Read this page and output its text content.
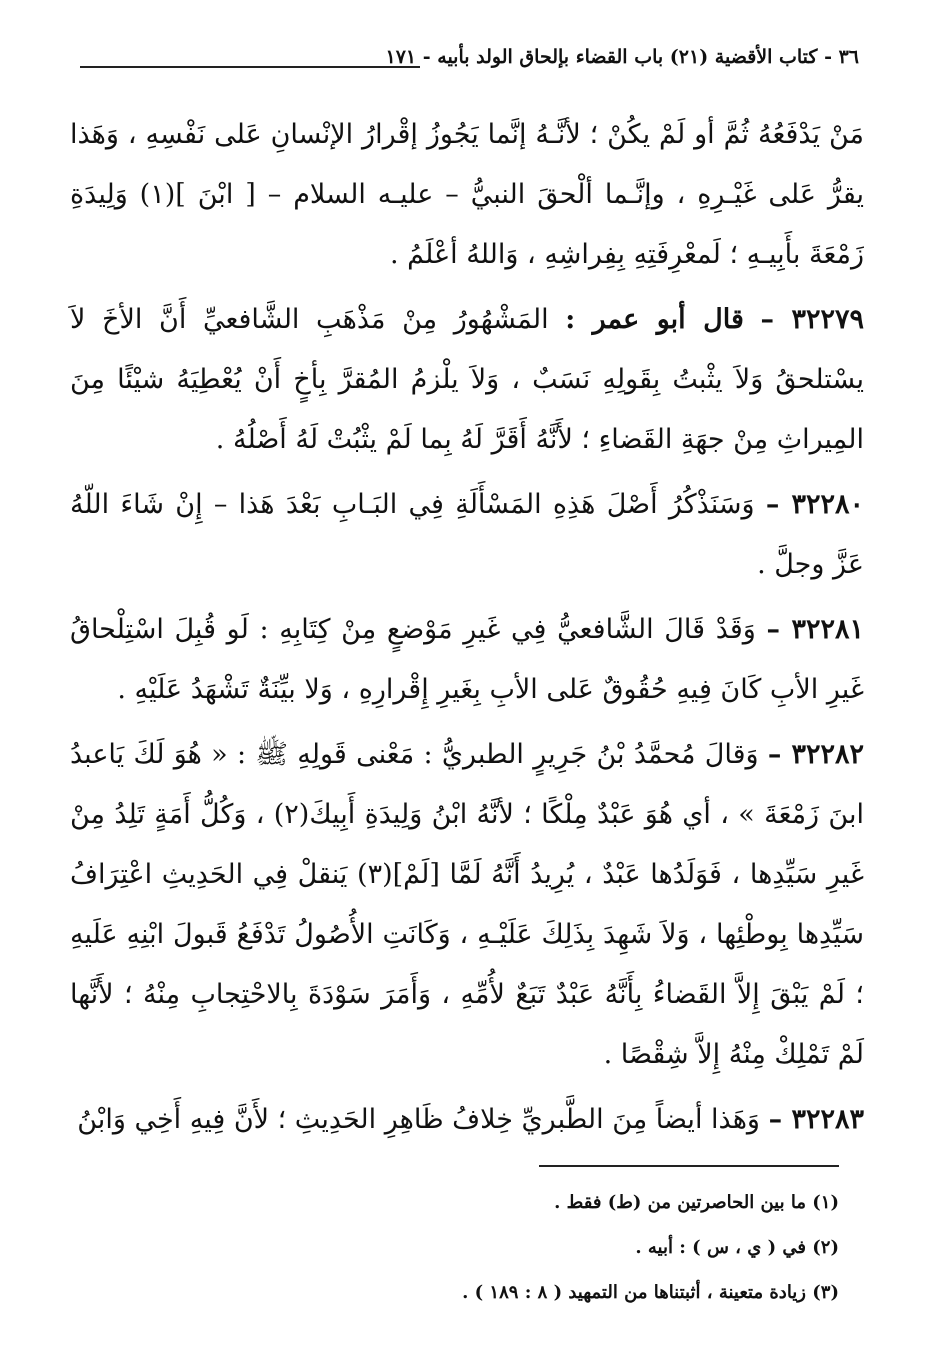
٣٦ - كتاب الأقضية (٢١) باب القضاء بإلحاق الولد بأبيه - ١٧١

مَنْ يَدْفَعُهُ ثُمَّ أو لَمْ يكُنْ ؛ لأنَّـهُ إنَّما يَجُوزُ إقْرارُ الإنْسانِ عَلى نَفْسِهِ ، وَهَذا يقرُّ عَلى غَيْـرِهِ ، وإنَّـما ألْحقَ النبيُّ – عليـه السلام – [ ابْنَ ](١) وَلِيدَةِ زَمْعَةَ بأَبِيـهِ ؛ لَمعْرِفَتِهِ بِفِراشِهِ ، وَاللهُ أعْلَمُ .

٣٢٢٧٩ – قال أبو عمر : المَشْهُورُ مِنْ مَذْهَبِ الشَّافعيِّ أَنَّ الأخَ لاَ يسْتلحقُ وَلاَ يثْبتُ بِقَولِهِ نَسَبٌ ، وَلاَ يلْزمُ المُقرَّ بِأخٍ أَنْ يُعْطِيَهُ شيْئًا مِنَ المِيراثِ مِنْ جهَةِ القَضاءِ ؛ لأَنَّهُ أَقَرَّ لَهُ بِما لَمْ يثْبُتْ لَهُ أَصْلُهُ .

٣٢٢٨٠ – وَسَنَذْكُرُ أَصْلَ هَذِهِ المَسْأَلَةِ فِي البَـابِ بَعْدَ هَذا – إِنْ شَاءَ اللّهُ عَزَّ وجلَّ .

٣٢٢٨١ – وَقَدْ قَالَ الشَّافعيُّ فِي غَيرِ مَوْضعٍ مِنْ كِتَابِهِ : لَو قُبِلَ اسْتِلْحاقُ غَيرِ الأبِ كَانَ فِيهِ حُقُوقٌ عَلى الأبِ بِغَيرِ إِقْرارِهِ ، وَلا بيِّنَةٌ تَشْهَدُ عَلَيْهِ .

٣٢٢٨٢ – وَقالَ مُحمَّدُ بْنُ جَرِيرٍ الطبريُّ : مَعْنى قَولِهِ ﷺ : « هُوَ لَكَ يَاعبدُ ابنَ زَمْعَةَ » ، أي هُوَ عَبْدٌ مِلْكًا ؛ لأنَّهُ ابْنُ وَلِيدَةِ أَبِيكَ(٢) ، وَكُلُّ أَمَةٍ تَلِدُ مِنْ غَيرِ سَيِّدِها ، فَوَلَدُها عَبْدٌ ، يُرِيدُ أَنَّهُ لَمَّا [لَمْ](٣) يَنقلْ فِي الحَدِيثِ اعْتِرَافُ سَيِّدِها بِوطْئِها ، وَلاَ شَهِدَ بِذَلِكَ عَلَيْـهِ ، وَكَانَتِ الأُصُولُ تَدْفَعُ قَبولَ ابْنِهِ عَلَيهِ ؛ لَمْ يَبْقَ إِلاَّ القَضاءُ بِأَنَّهُ عَبْدٌ تَبَعٌ لأُمِّهِ ، وَأَمَرَ سَوْدَةَ بِالاحْتِجابِ مِنْهُ ؛ لأَنَّها لَمْ تَمْلِكْ مِنْهُ إِلاَّ شِقْصًا .

٣٢٢٨٣ – وَهَذا أيضاً مِنَ الطَّبريِّ خِلافُ ظَاهِرِ الحَدِيثِ ؛ لأَنَّ فِيهِ أَخِي وَابْنُ

(١) ما بين الحاصرتين من (ط) فقط .

(٢) في ( ي ، س ) : أبيه .

(٣) زيادة متعينة ، أثبتناها من التمهيد ( ٨ : ١٨٩ ) .
